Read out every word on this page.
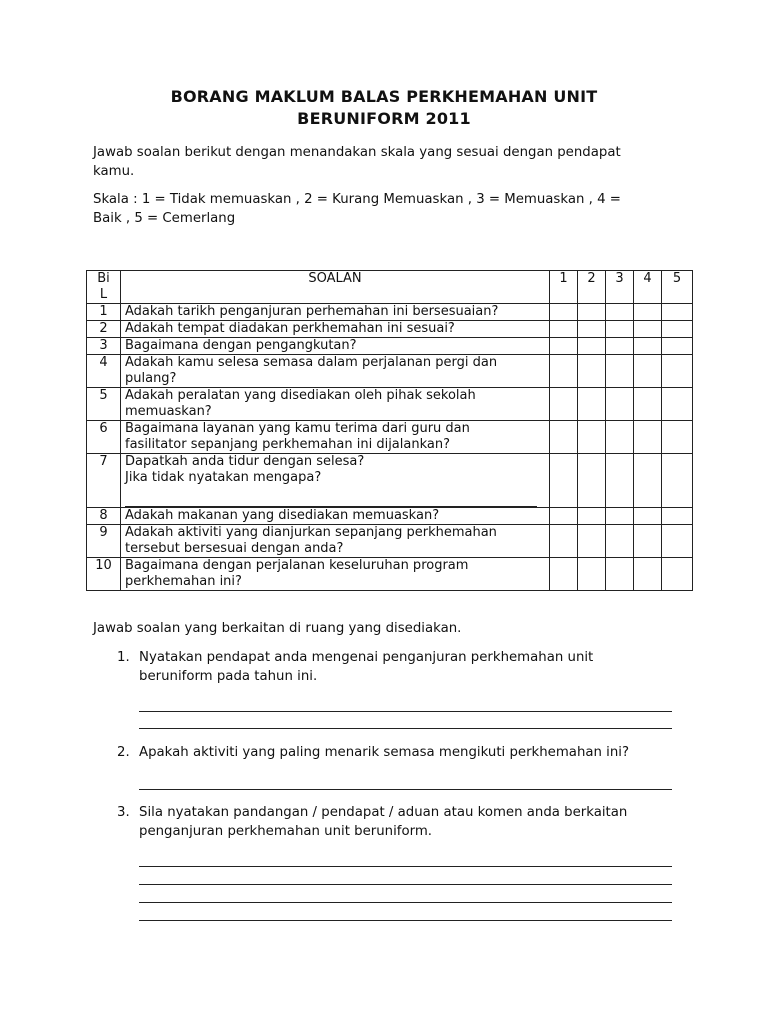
BORANG MAKLUM BALAS PERKHEMAHAN UNIT
BERUNIFORM 2011
Jawab soalan berikut dengan menandakan skala yang sesuai dengan pendapat
kamu.
Skala : 1 = Tidak memuaskan , 2 = Kurang Memuaskan , 3 = Memuaskan , 4 =
Baik , 5 = Cemerlang
Bi
L	SOALAN	1	2	3	4	5
1	Adakah tarikh penganjuran perhemahan ini bersesuaian?					

2	Adakah tempat diadakan perkhemahan ini sesuai?					

3	Bagaimana dengan pengangkutan?					

4	Adakah kamu selesa semasa dalam perjalanan pergi dan
pulang?					

5	Adakah peralatan yang disediakan oleh pihak sekolah
memuaskan?					

6	Bagaimana layanan yang kamu terima dari guru dan
fasilitator sepanjang perkhemahan ini dijalankan?					

7	Dapatkah anda tidur dengan selesa?
Jika tidak nyatakan mengapa?					

8	Adakah makanan yang disediakan memuaskan?					

9	Adakah aktiviti yang dianjurkan sepanjang perkhemahan
tersebut bersesuai dengan anda?					

10	Bagaimana dengan perjalanan keseluruhan program
perkhemahan ini?					

Jawab soalan yang berkaitan di ruang yang disediakan.
1. Nyatakan pendapat anda mengenai penganjuran perkhemahan unit
beruniform pada tahun ini.
2. Apakah aktiviti yang paling menarik semasa mengikuti perkhemahan ini?
3. Sila nyatakan pandangan / pendapat / aduan atau komen anda berkaitan
penganjuran perkhemahan unit beruniform.
